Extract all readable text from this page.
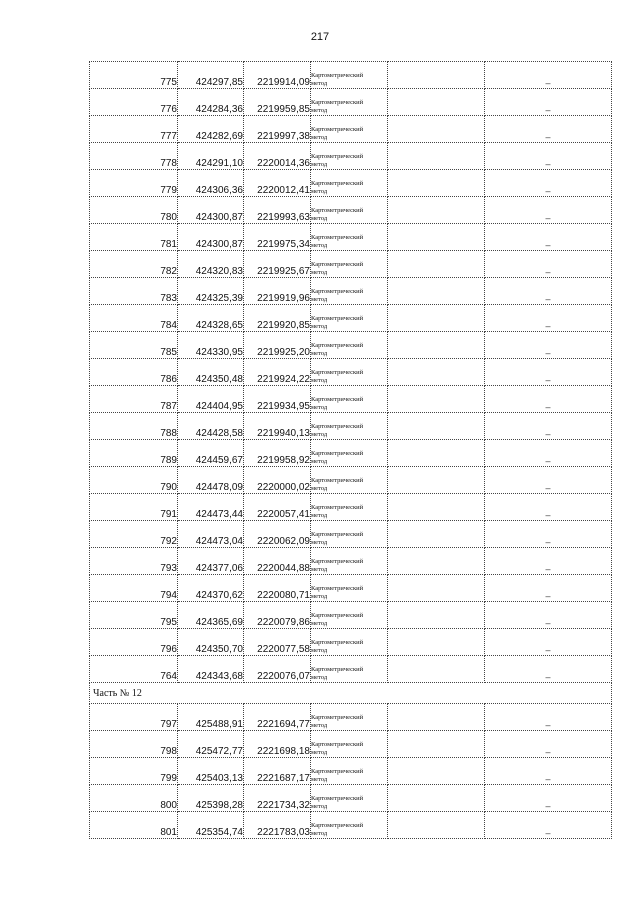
217
775	424297,85	2219914,09	Картометрический
метод		–
776	424284,36	2219959,85	Картометрический
метод		–
777	424282,69	2219997,38	Картометрический
метод		–
778	424291,10	2220014,36	Картометрический
метод		–
779	424306,36	2220012,41	Картометрический
метод		–
780	424300,87	2219993,63	Картометрический
метод		–
781	424300,87	2219975,34	Картометрический
метод		–
782	424320,83	2219925,67	Картометрический
метод		–
783	424325,39	2219919,96	Картометрический
метод		–
784	424328,65	2219920,85	Картометрический
метод		–
785	424330,95	2219925,20	Картометрический
метод		–
786	424350,48	2219924,22	Картометрический
метод		–
787	424404,95	2219934,95	Картометрический
метод		–
788	424428,58	2219940,13	Картометрический
метод		–
789	424459,67	2219958,92	Картометрический
метод		–
790	424478,09	2220000,02	Картометрический
метод		–
791	424473,44	2220057,41	Картометрический
метод		–
792	424473,04	2220062,09	Картометрический
метод		–
793	424377,06	2220044,88	Картометрический
метод		–
794	424370,62	2220080,71	Картометрический
метод		–
795	424365,69	2220079,86	Картометрический
метод		–
796	424350,70	2220077,58	Картометрический
метод		–
764	424343,68	2220076,07	Картометрический
метод		–
Часть № 12					
797	425488,91	2221694,77	Картометрический
метод		–
798	425472,77	2221698,18	Картометрический
метод		–
799	425403,13	2221687,17	Картометрический
метод		–
800	425398,28	2221734,32	Картометрический
метод		–
801	425354,74	2221783,03	Картометрический
метод		–
